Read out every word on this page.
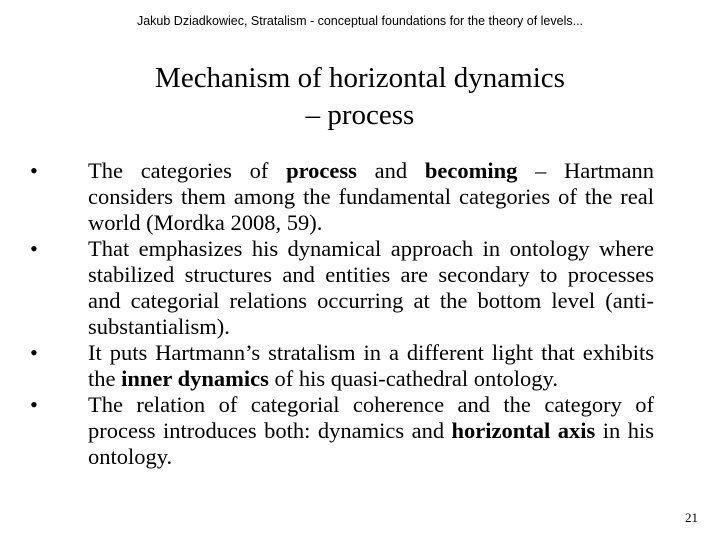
Jakub Dziadkowiec, Stratalism - conceptual foundations for the theory of levels...
Mechanism of horizontal dynamics
– process
•	The categories of process and becoming – Hartmann considers them among the fundamental categories of the real world (Mordka 2008, 59).
•	That emphasizes his dynamical approach in ontology where stabilized structures and entities are secondary to processes and categorial relations occurring at the bottom level (anti-substantialism).
•	It puts Hartmann’s stratalism in a different light that exhibits the inner dynamics of his quasi-cathedral ontology.
•	The relation of categorial coherence and the category of process introduces both: dynamics and horizontal axis in his ontology.
21
